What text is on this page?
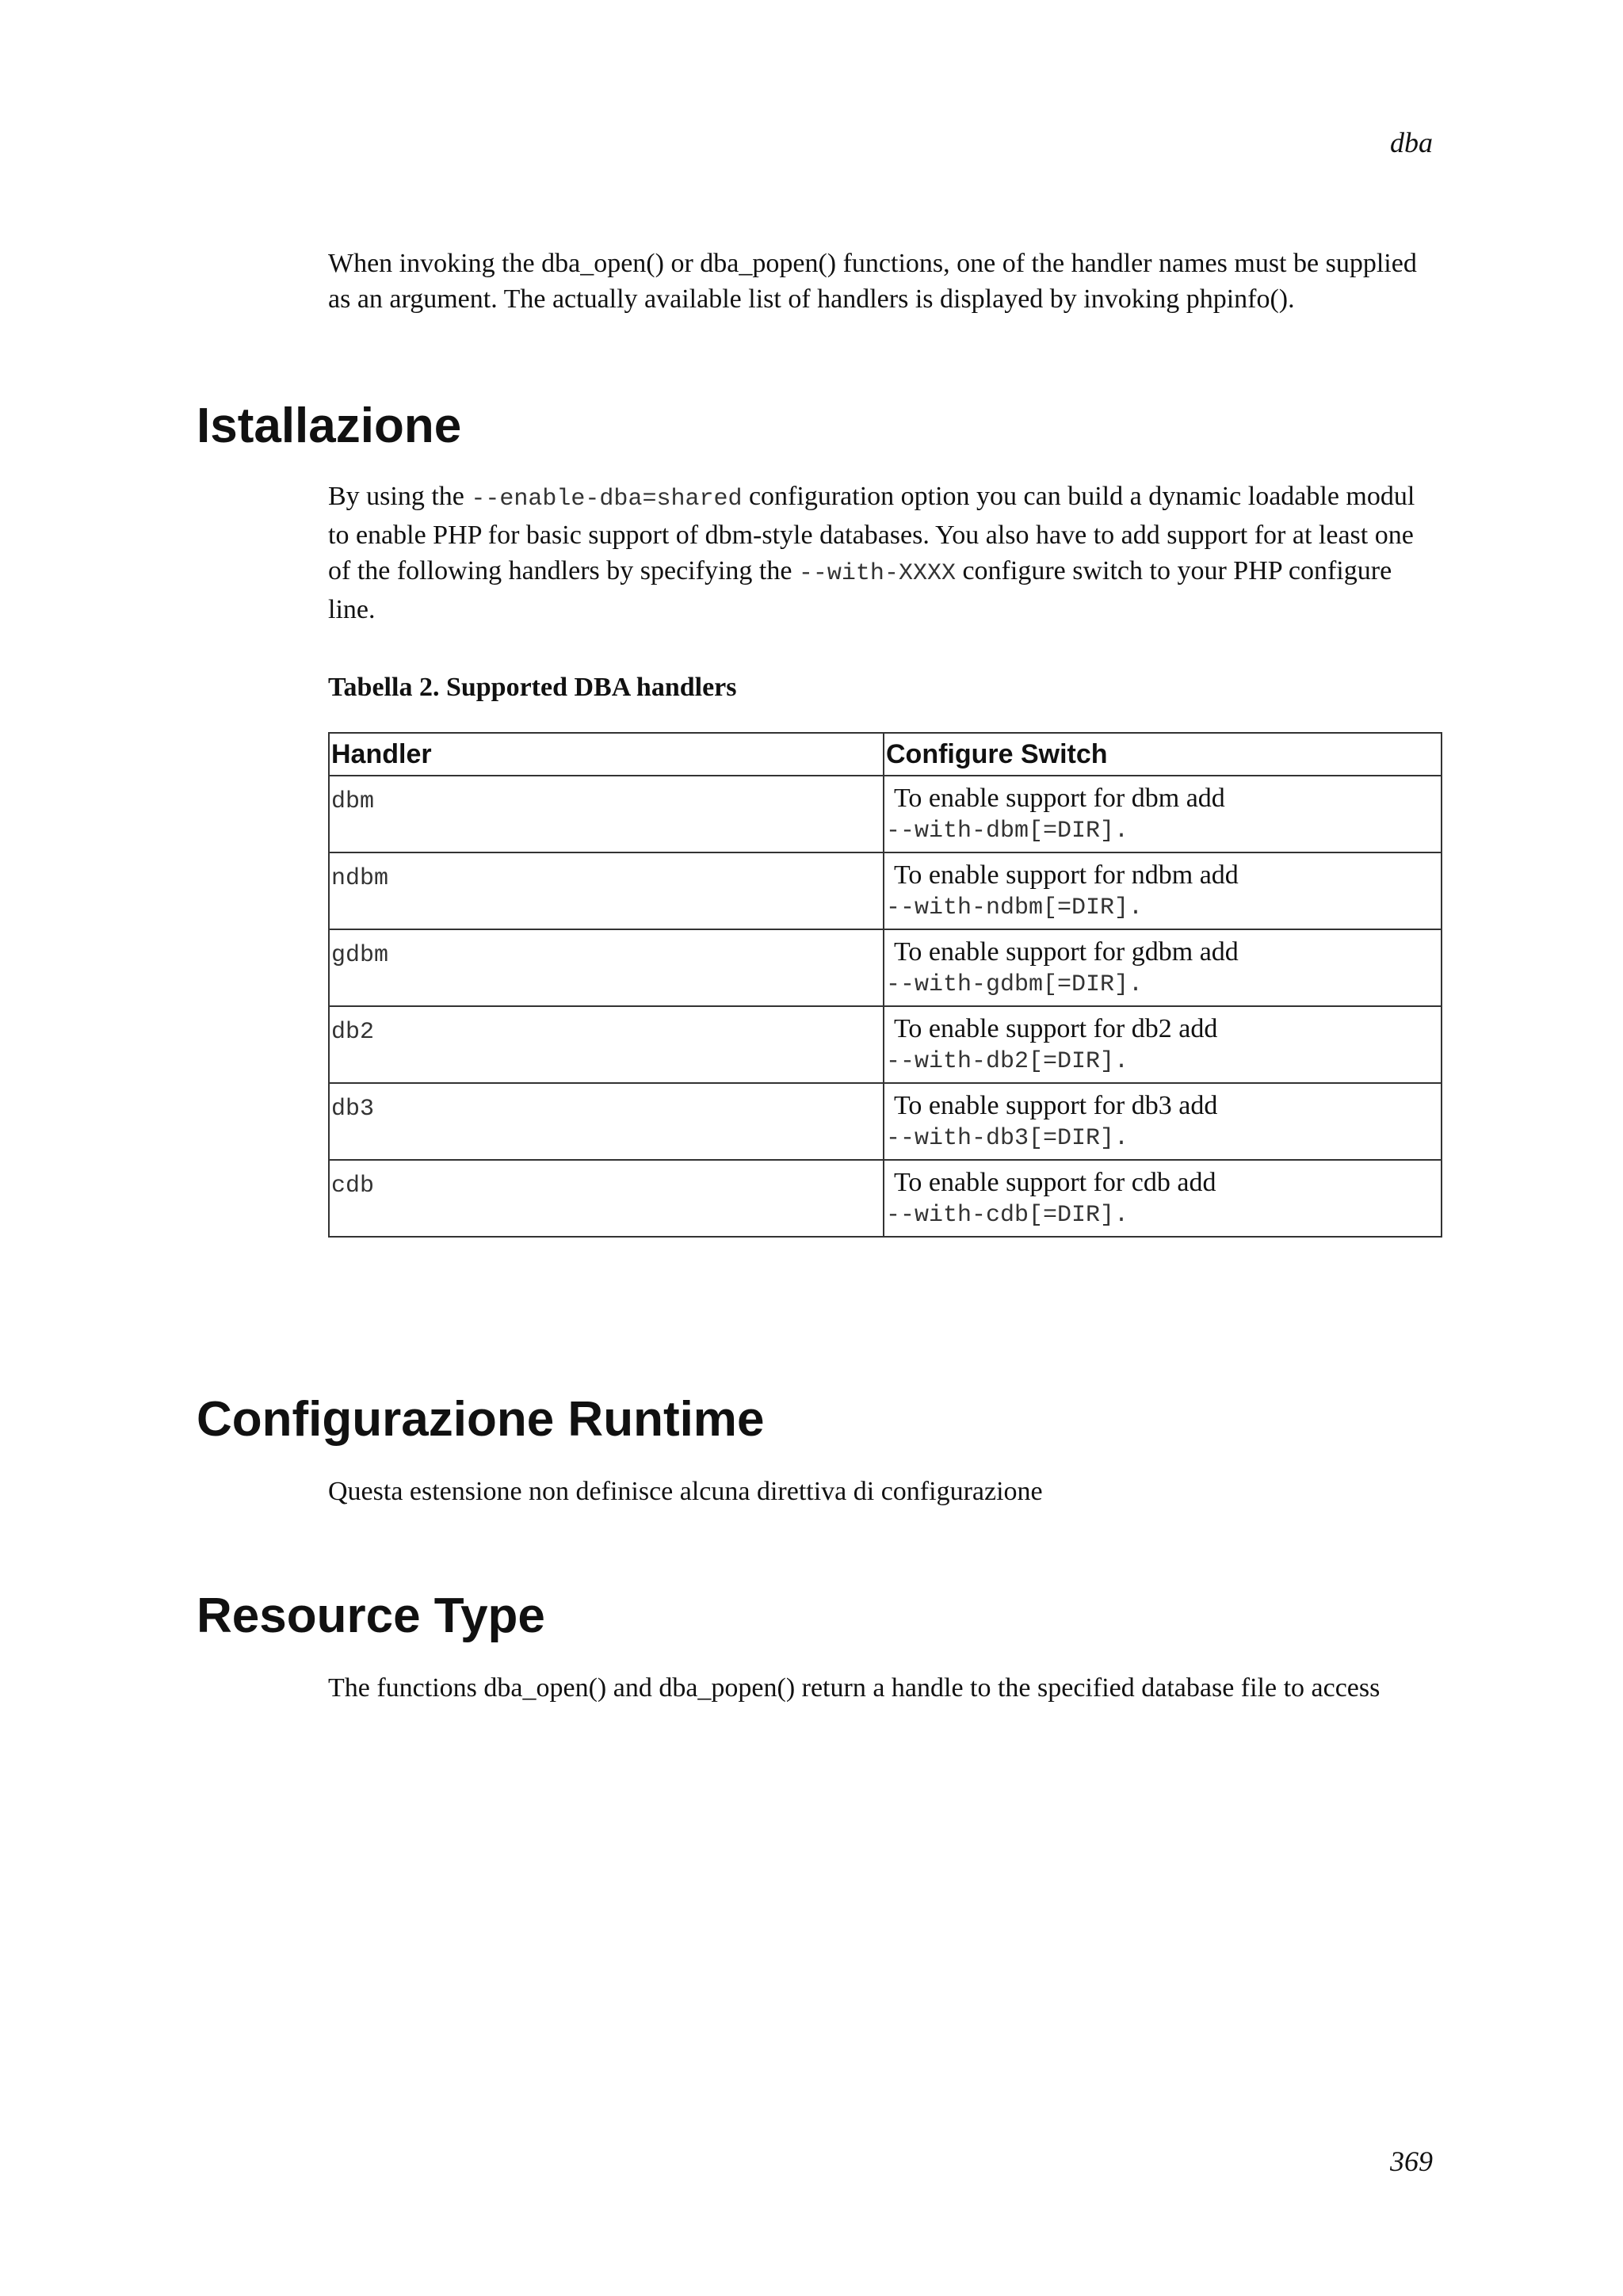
dba

When invoking the dba_open() or dba_popen() functions, one of the handler names must be supplied as an argument. The actually available list of handlers is displayed by invoking phpinfo().

Istallazione

By using the --enable-dba=shared configuration option you can build a dynamic loadable modul to enable PHP for basic support of dbm-style databases. You also have to add support for at least one of the following handlers by specifying the --with-XXXX configure switch to your PHP configure line.

Tabella 2. Supported DBA handlers

Handler	Configure Switch

dbm	To enable support for dbm add
--with-dbm[=DIR].

ndbm	To enable support for ndbm add
--with-ndbm[=DIR].

gdbm	To enable support for gdbm add
--with-gdbm[=DIR].

db2	To enable support for db2 add
--with-db2[=DIR].

db3	To enable support for db3 add
--with-db3[=DIR].

cdb	To enable support for cdb add
--with-cdb[=DIR].
Configurazione Runtime

Questa estensione non definisce alcuna direttiva di configurazione

Resource Type

The functions dba_open() and dba_popen() return a handle to the specified database file to access

369
